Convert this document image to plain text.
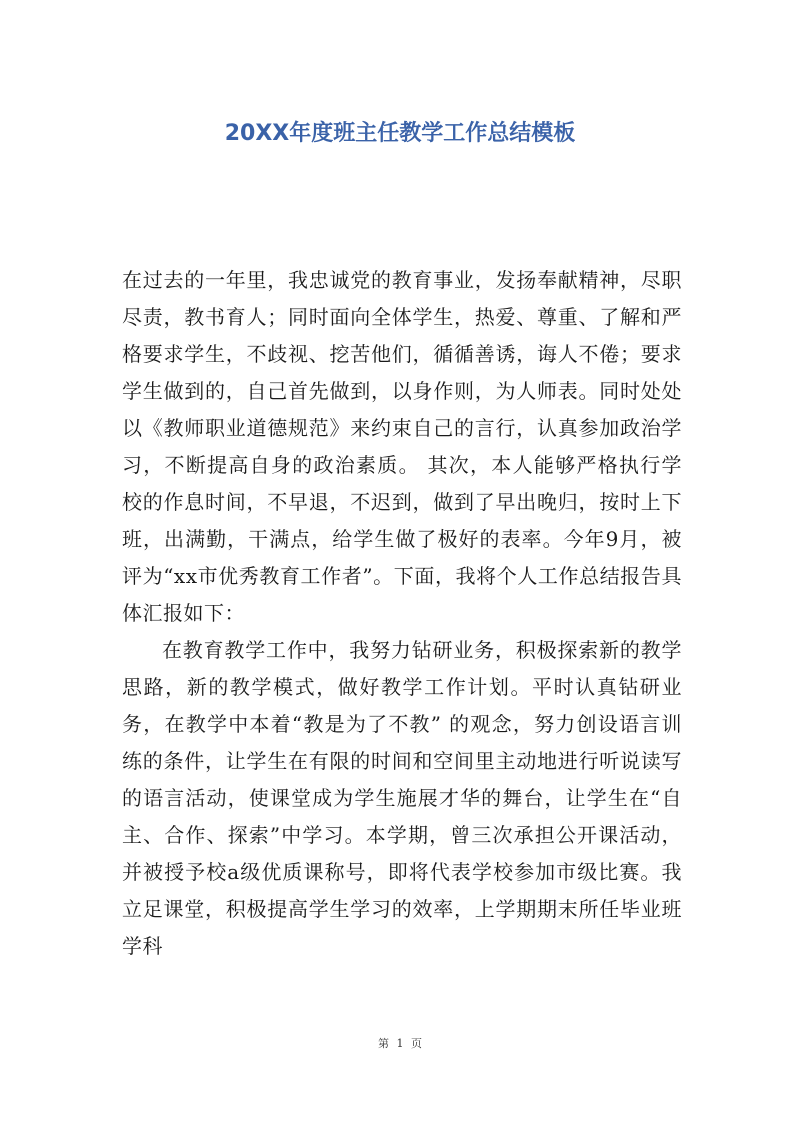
20XX年度班主任教学工作总结模板

在过去的一年里，我忠诚党的教育事业，发扬奉献精神，尽职尽责，教书育人；同时面向全体学生，热爱、尊重、了解和严格要求学生，不歧视、挖苦他们，循循善诱，诲人不倦；要求学生做到的，自己首先做到，以身作则，为人师表。同时处处以《教师职业道德规范》来约束自己的言行，认真参加政治学习，不断提高自身的政治素质。 其次，本人能够严格执行学校的作息时间，不早退，不迟到，做到了早出晚归，按时上下班，出满勤，干满点，给学生做了极好的表率。今年9月，被评为“xx市优秀教育工作者”。下面，我将个人工作总结报告具体汇报如下：

在教育教学工作中，我努力钻研业务，积极探索新的教学思路，新的教学模式，做好教学工作计划。平时认真钻研业务，在教学中本着“教是为了不教” 的观念，努力创设语言训练的条件，让学生在有限的时间和空间里主动地进行听说读写的语言活动，使课堂成为学生施展才华的舞台，让学生在“自主、合作、探索”中学习。本学期，曾三次承担公开课活动，并被授予校a级优质课称号，即将代表学校参加市级比赛。我立足课堂，积极提高学生学习的效率，上学期期末所任毕业班学科

第 1 页
